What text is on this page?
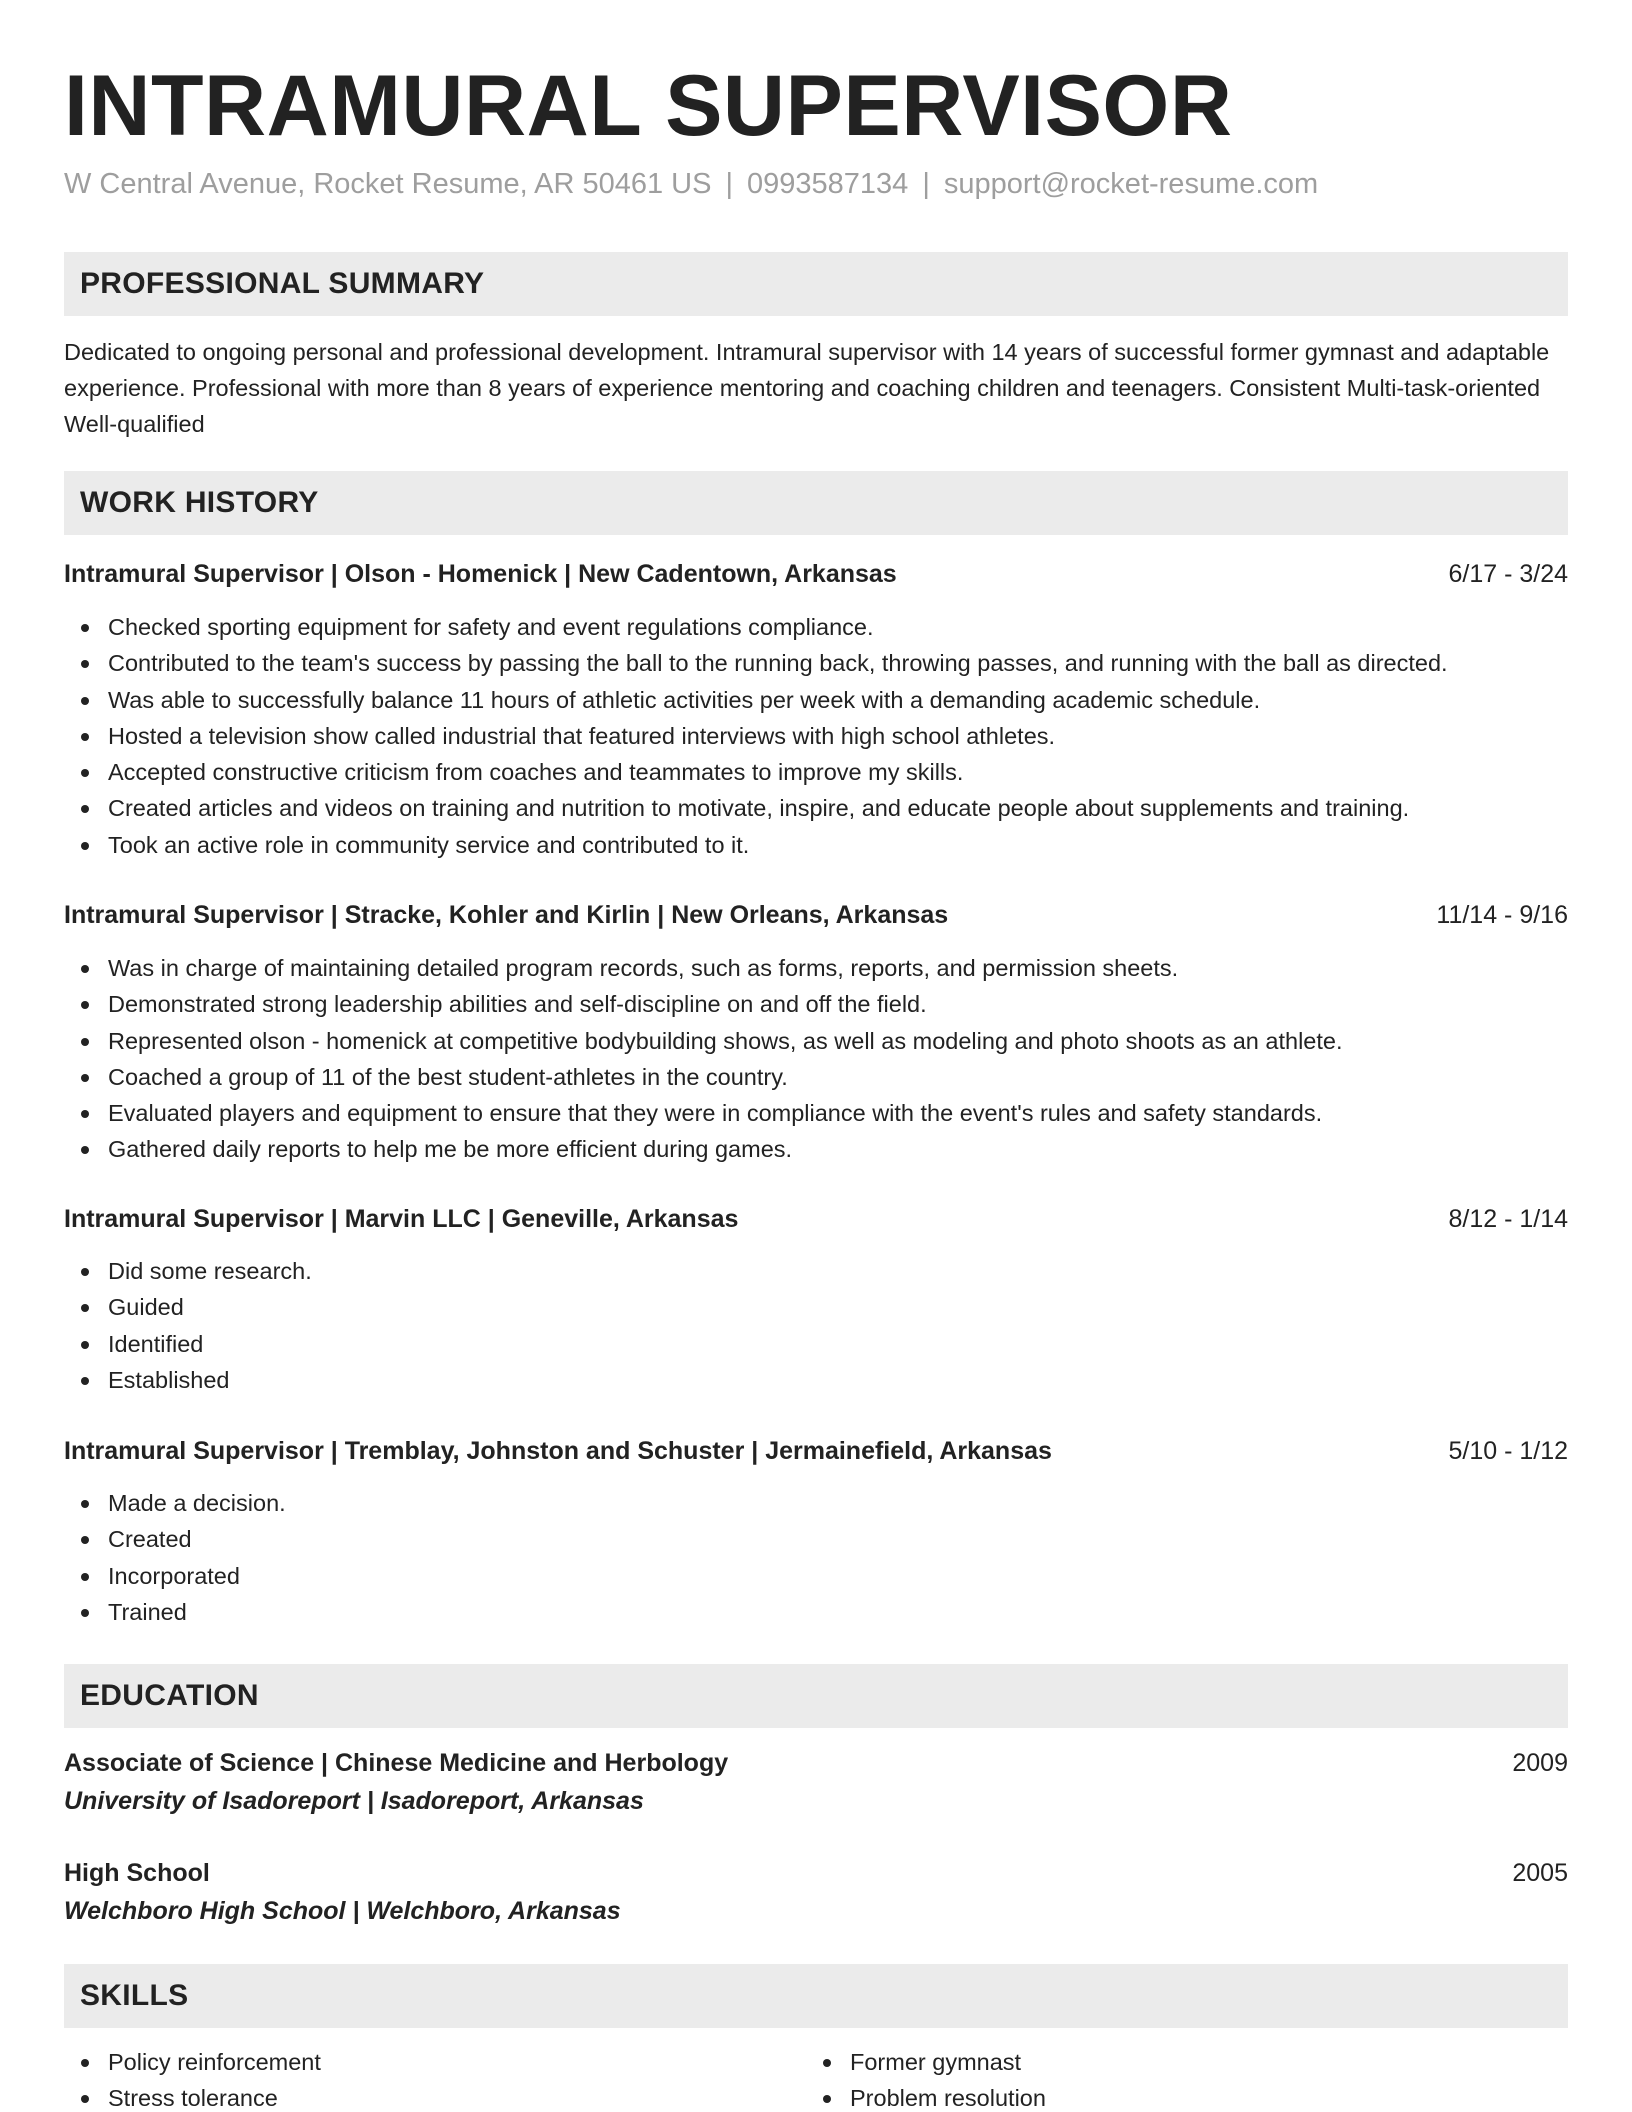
INTRAMURAL SUPERVISOR
W Central Avenue, Rocket Resume, AR 50461 US | 0993587134 | support@rocket-resume.com
PROFESSIONAL SUMMARY
Dedicated to ongoing personal and professional development. Intramural supervisor with 14 years of successful former gymnast and adaptable experience. Professional with more than 8 years of experience mentoring and coaching children and teenagers. Consistent Multi-task-oriented Well-qualified
WORK HISTORY
Intramural Supervisor | Olson - Homenick | New Cadentown, Arkansas	6/17 - 3/24
Checked sporting equipment for safety and event regulations compliance.
Contributed to the team's success by passing the ball to the running back, throwing passes, and running with the ball as directed.
Was able to successfully balance 11 hours of athletic activities per week with a demanding academic schedule.
Hosted a television show called industrial that featured interviews with high school athletes.
Accepted constructive criticism from coaches and teammates to improve my skills.
Created articles and videos on training and nutrition to motivate, inspire, and educate people about supplements and training.
Took an active role in community service and contributed to it.
Intramural Supervisor | Stracke, Kohler and Kirlin | New Orleans, Arkansas	11/14 - 9/16
Was in charge of maintaining detailed program records, such as forms, reports, and permission sheets.
Demonstrated strong leadership abilities and self-discipline on and off the field.
Represented olson - homenick at competitive bodybuilding shows, as well as modeling and photo shoots as an athlete.
Coached a group of 11 of the best student-athletes in the country.
Evaluated players and equipment to ensure that they were in compliance with the event's rules and safety standards.
Gathered daily reports to help me be more efficient during games.
Intramural Supervisor | Marvin LLC | Geneville, Arkansas	8/12 - 1/14
Did some research.
Guided
Identified
Established
Intramural Supervisor | Tremblay, Johnston and Schuster | Jermainefield, Arkansas	5/10 - 1/12
Made a decision.
Created
Incorporated
Trained
EDUCATION
Associate of Science | Chinese Medicine and Herbology	2009
University of Isadoreport | Isadoreport, Arkansas
High School	2005
Welchboro High School | Welchboro, Arkansas
SKILLS
Policy reinforcement
Stress tolerance
Former gymnast
Problem resolution
